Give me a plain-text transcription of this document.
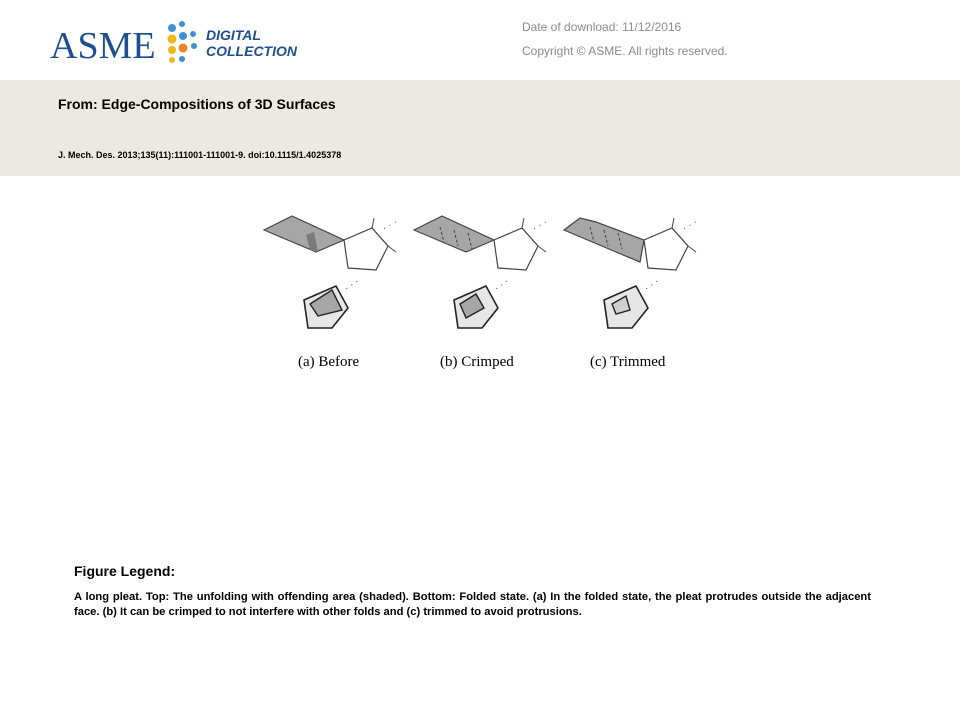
ASME	DIGITAL
COLLECTION
Date of download: 11/12/2016
Copyright © ASME. All rights reserved.
From: Edge-Compositions of 3D Surfaces
J. Mech. Des. 2013;135(11):111001-111001-9. doi:10.1115/1.4025378
· · ·
· · ·
(a) Before
· · ·
· · ·
(b) Crimped
· · ·
· · ·
(c) Trimmed
Figure Legend:
A long pleat. Top: The unfolding with offending area (shaded). Bottom: Folded state. (a) In the folded state, the pleat protrudes outside the adjacent face. (b) It can be crimped to not interfere with other folds and (c) trimmed to avoid protrusions.
